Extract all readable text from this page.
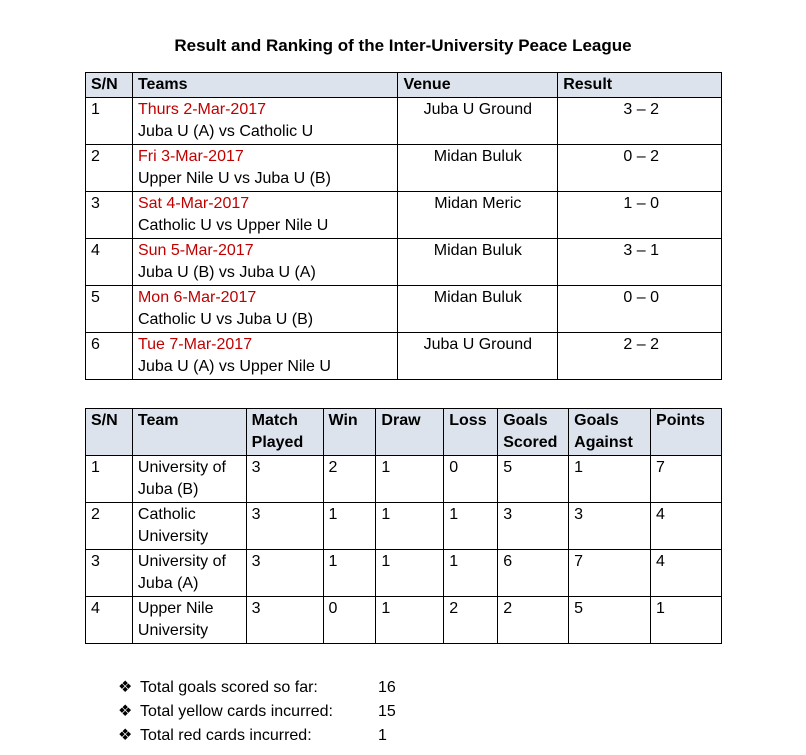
Result and Ranking of the Inter-University Peace League
S/N	Teams	Venue	Result
1	Thurs 2-Mar-2017
Juba U (A) vs Catholic U	Juba U Ground	3 – 2
2	Fri 3-Mar-2017
Upper Nile U vs Juba U (B)	Midan Buluk	0 – 2
3	Sat 4-Mar-2017
Catholic U vs Upper Nile U	Midan Meric	1 – 0
4	Sun 5-Mar-2017
Juba U (B) vs Juba U (A)	Midan Buluk	3 – 1
5	Mon 6-Mar-2017
Catholic U vs Juba U (B)	Midan Buluk	0 – 0
6	Tue 7-Mar-2017
Juba U (A) vs Upper Nile U	Juba U Ground	2 – 2
S/N	Team	Match Played	Win	Draw	Loss	Goals Scored	Goals Against	Points
1	University of Juba (B)	3	2	1	0	5	1	7
2	Catholic University	3	1	1	1	3	3	4
3	University of Juba (A)	3	1	1	1	6	7	4
4	Upper Nile University	3	0	1	2	2	5	1
❖ Total goals scored so far:	16
❖ Total yellow cards incurred:	15
❖ Total red cards incurred:	1
